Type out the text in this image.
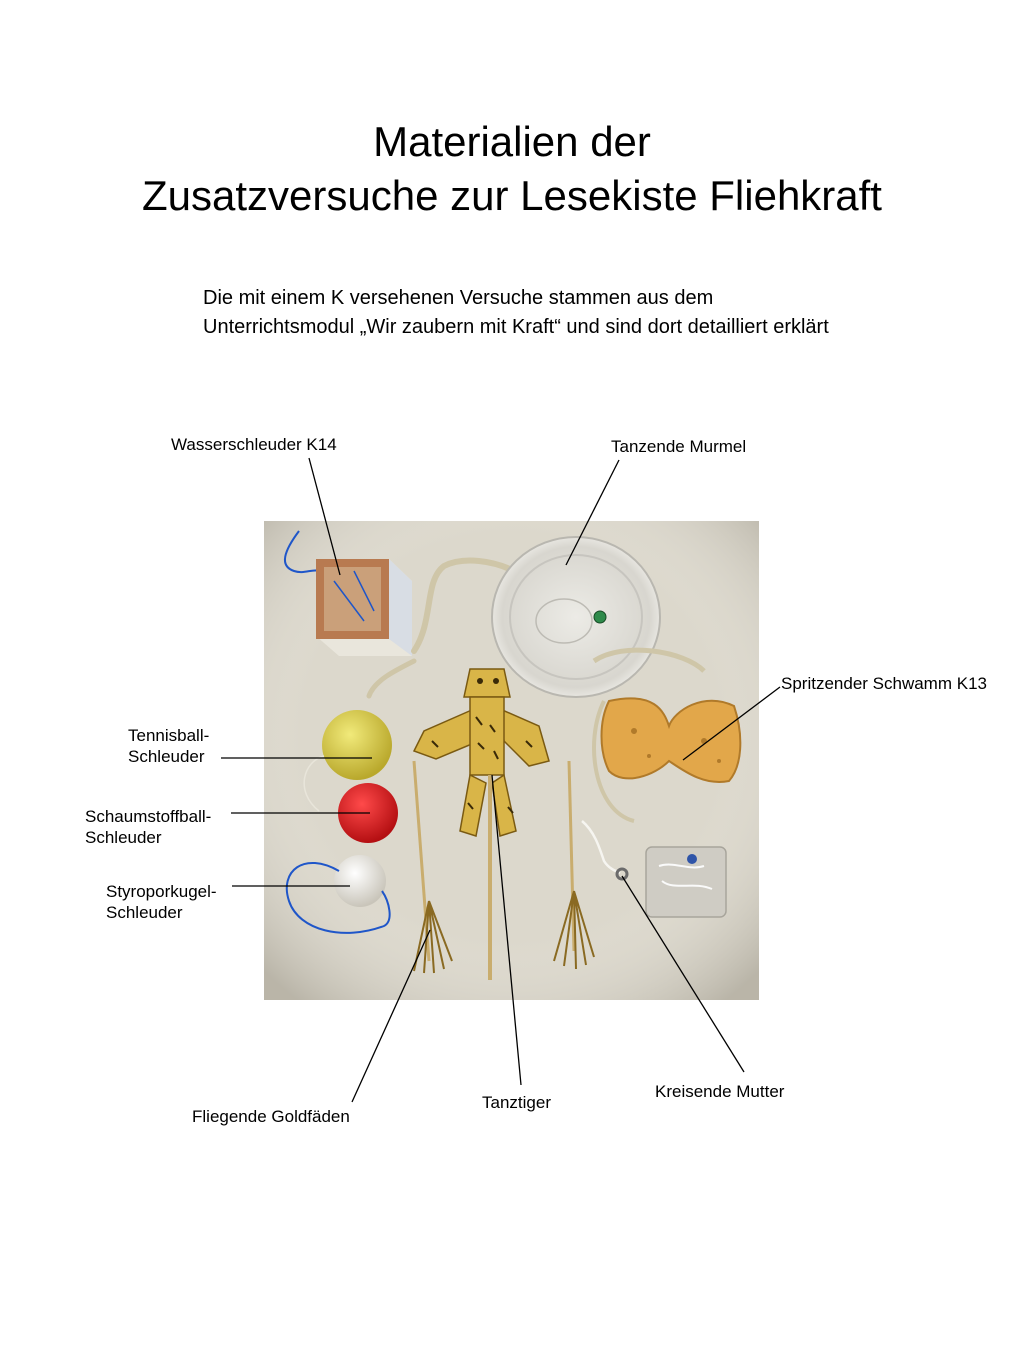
Materialien der
Zusatzversuche zur Lesekiste Fliehkraft
Die mit einem K versehenen Versuche stammen aus dem
Unterrichtsmodul „Wir zaubern mit Kraft“ und sind dort detailliert erklärt
Wasserschleuder K14	Tanzende Murmel
Spritzender Schwamm K13
Tennisball-
Schleuder
Schaumstoffball-
Schleuder
Styroporkugel-
Schleuder
Fliegende Goldfäden
Tanztiger
Kreisende Mutter
